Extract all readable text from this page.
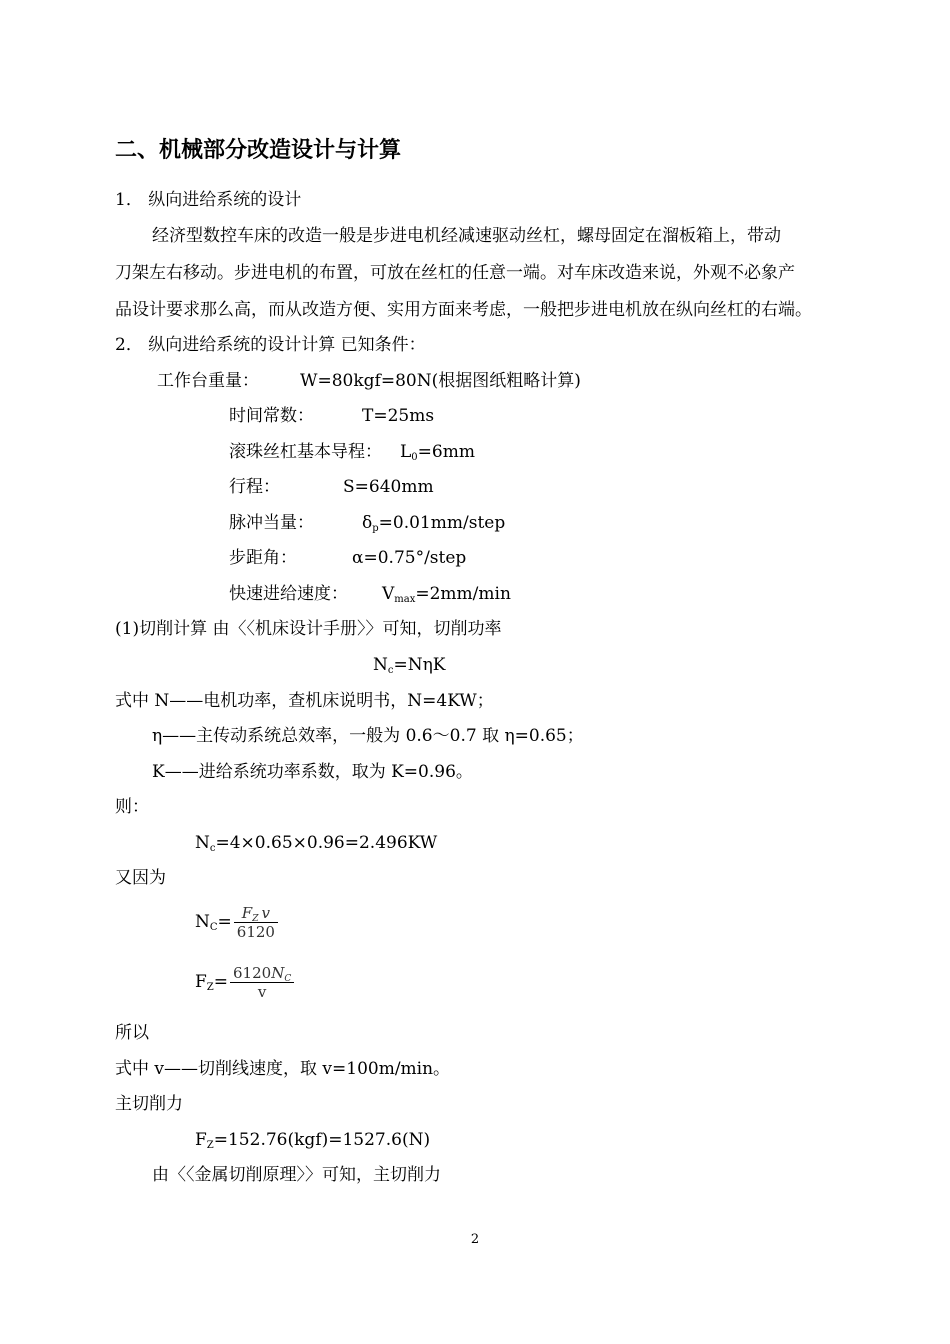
二、机械部分改造设计与计算
1． 纵向进给系统的设计
经济型数控车床的改造一般是步进电机经减速驱动丝杠，螺母固定在溜板箱上，带动
刀架左右移动。步进电机的布置，可放在丝杠的任意一端。对车床改造来说，外观不必象产
品设计要求那么高，而从改造方便、实用方面来考虑，一般把步进电机放在纵向丝杠的右端。
2． 纵向进给系统的设计计算 已知条件：
工作台重量： W=80kgf=80N(根据图纸粗略计算)
时间常数：	T=25ms
滚珠丝杠基本导程： $L_0=6mm$
行程：	S=640mm
脉冲当量：	$\delta_p=0.01mm$/step
步距角：	α=0.75°/step
快速进给速度： $V_{max}=2mm/\min$
(1)切削计算 由〈〈机床设计手册〉〉可知，切削功率
$N_c=N\eta K$
式中 N——电机功率，查机床说明书，N=4KW；
η——主传动系统总效率，一般为 0.6～0.7 取 η=0.65；
K——进给系统功率系数，取为 K=0.96。
则：
$N_c=4\times 0.65\times 0.96=2.496KW$
又因为
$N_C= \frac{F_Z v}{6120}$
$F_Z= \frac{6120N_C}{v}$
所以
式中 v——切削线速度，取 v=100m/min。
主切削力
$F_Z=152.76(kgf)=1527.6(N)$
由〈〈金属切削原理〉〉可知，主切削力
2
